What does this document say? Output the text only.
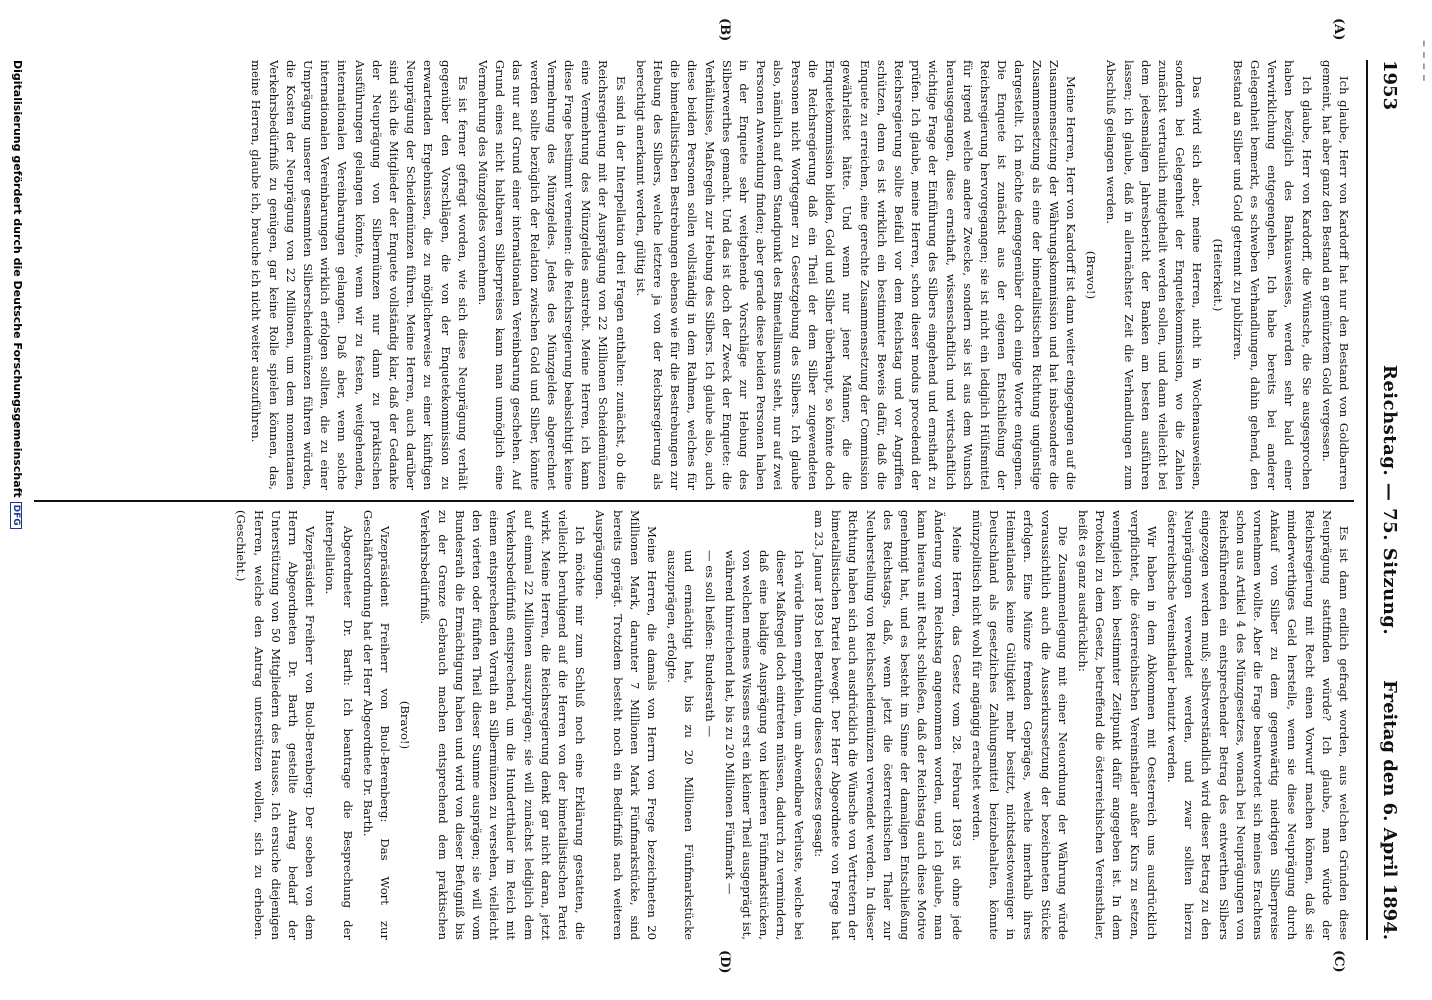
1953
Reichstag. — 75. Sitzung.
Freitag den 6. April 1894.
– – – –
(A)
(B)
(C)
(D)

Ich glaube, Herr von Kardorff hat nur den Bestand von Goldbarren gemeint, hat aber ganz den Bestand an gemünztem Gold vergessen.

Ich glaube, Herr von Kardorff, die Wünsche, die Sie ausgesprochen haben bezüglich des Bankausweises, werden sehr bald einer Verwirklichung entgegengehen. Ich habe bereits bei anderer Gelegenheit bemerkt, es schweben Verhandlungen, dahin gehend, den Bestand an Silber und Gold getrennt zu publiziren.

(Heiterkeit.)

Das wird sich aber, meine Herren, nicht in Wochenausweisen, sondern bei Gelegenheit der Enquetekommission, wo die Zahlen zunächst vertraulich mitgetheilt werden sollen, und dann vielleicht bei dem jedesmaligen Jahresbericht der Banken am besten ausführen lassen; ich glaube, daß in allernächster Zeit die Verhandlungen zum Abschluß gelangen werden.

(Bravo!)

Meine Herren, Herr von Kardorff ist dann weiter eingegangen auf die Zusammensetzung der Währungskommission und hat insbesondere die Zusammensetzung als eine der bimetallistischen Richtung ungünstige dargestellt. Ich möchte demgegenüber doch einige Worte entgegnen. Die Enquete ist zunächst aus der eigenen Entschließung der Reichsregierung hervorgegangen; sie ist nicht ein lediglich Hülfsmittel für irgend welche andere Zwecke, sondern sie ist aus dem Wunsch herausgegangen, diese ernsthaft, wissenschaftlich und wirtschaftlich wichtige Frage der Einführung des Silbers eingehend und ernsthaft zu prüfen. Ich glaube, meine Herren, schon dieser modus procedendi der Reichsregierung sollte Beifall vor dem Reichstag und vor Angriffen schützen, denn es ist wirklich ein bestimmter Beweis dafür, daß die Enquete zu erreichen, eine gerechte Zusammensetzung der Commission gewährleistet hätte. Und wenn nur jener Männer, die die Enquetekommission bilden, Gold und Silber überhaupt, so könnte doch die Reichsregierung daß ein Theil der dem Silber zugewendeten Personen nicht Wortgegner zu Gesetzgebung des Silbers. Ich glaube also, nämlich auf dem Standpunkt des Bimetallismus steht, nur auf zwei Personen Anwendung finden; aber gerade diese beiden Personen haben in der Enquete sehr weitgehende Vorschläge zur Hebung des Silberwerthes gemacht. Und das ist doch der Zweck der Enquete: die Verhältnisse, Maßregeln zur Hebung des Silbers. Ich glaube also, auch diese beiden Personen sollen vollständig in dem Rahmen, welches für die bimetallistischen Bestrebungen ebenso wie für die Bestrebungen zur Hebung des Silbers, welche letztere ja von der Reichsregierung als berechtigt anerkannt werden, gültig ist.

Es sind in der Interpellation drei Fragen enthalten: zunächst, ob die Reichsregierung mit der Ausprägung von 22 Millionen Scheidemünzen eine Vermehrung des Münzgeldes anstrebt. Meine Herren, ich kann diese Frage bestimmt verneinen: die Reichsregierung beabsichtigt keine Vermehrung des Münzgeldes. Jedes des Münzgeldes abgerechnet werden sollte bezüglich der Relation zwischen Gold und Silber, könnte das nur auf Grund einer internationalen Vereinbarung geschehen. Auf Grund eines nicht haltbaren Silberpreises kann man unmöglich eine Vermehrung des Münzgeldes vornehmen.

Es ist ferner gefragt worden, wie sich diese Neuprägung verhält gegenüber den Vorschlägen, die von der Enquetekommission zu erwartenden Ergebnissen, die zu möglicherweise zu einer künftigen Neuprägung der Scheidemünzen führen. Meine Herren, auch darüber sind sich die Mitglieder der Enquete vollständig klar, daß der Gedanke der Neuprägung von Silbermünzen nur dann zu praktischen Ausführungen gelangen könnte, wenn wir zu festen, weitgehenden, internationalen Vereinbarungen gelangen. Daß aber, wenn solche internationalen Vereinbarungen wirklich erfolgen sollten, die zu einer Umprägung unserer gesammten Silberscheidemünzen führen würden, die Kosten der Neuprägung von 22 Millionen, um dem momentanen Verkehrsbedürfniß zu genügen, gar keine Rolle spielen können, das, meine Herren, glaube ich, brauche ich nicht weiter auszuführen.

Es ist dann endlich gefragt worden, aus welchen Gründen diese Neuprägung stattfinden würde? Ich glaube, man würde der Reichsregierung mit Recht einen Vorwurf machen können, daß sie minderwerthiges Geld herstelle, wenn sie diese Neuprägung durch Ankauf von Silber zu dem gegenwärtig niedrigen Silberpreise vornehmen wollte. Aber die Frage beantwortet sich meines Erachtens schon aus Artikel 4 des Münzgesetzes, wonach bei Neuprägungen von Reichsführenden ein entsprechender Betrag des entwerthen Silbers eingezogen werden muß; selbstverständlich wird dieser Betrag zu den Neuprägungen verwendet werden, und zwar sollten hierzu österreichische Vereinsthaler benutzt werden.

Wir haben in dem Abkommen mit Oesterreich uns ausdrücklich verpflichtet, die österreichischen Vereinsthaler außer Kurs zu setzen, wenngleich kein bestimmter Zeitpunkt dafür angegeben ist. In dem Protokoll zu dem Gesetz, betreffend die österreichischen Vereinsthaler, heißt es ganz ausdrücklich:

Die Zusammenlegung mit einer Neuordnung der Währung würde voraussichtlich auch die Ausserkurssetzung der bezeichneten Stücke erfolgen. Eine Münze fremden Gepräges, welche innerhalb ihres Heimatlandes keine Gültigkeit mehr besitzt, nichtsdestoweniger in Deutschland als gesetzliches Zahlungsmittel beizubehalten, könnte münzpolitisch nicht wohl für angängig erachtet werden.

Meine Herren, das Gesetz vom 28. Februar 1893 ist ohne jede Änderung vom Reichstag angenommen worden, und ich glaube, man kann hieraus mit Recht schließen, daß der Reichstag auch diese Motive genehmigt hat, und es besteht im Sinne der damaligen Entschließung des Reichstags, daß, wenn jetzt die österreichischen Thaler zur Neuherstellung von Reichsscheidemünzen verwendet werden. In dieser Richtung haben sich auch ausdrücklich die Wünsche von Vertretern der bimetallistischen Partei bewegt. Der Herr Abgeordnete von Frege hat am 23. Januar 1893 bei Berathung dieses Gesetzes gesagt:

Ich würde Ihnen empfehlen, um abwendbare Verluste, welche bei dieser Maßregel doch eintreten müssen, dadurch zu vermindern, daß eine baldige Ausprägung von kleineren Fünfmarkstücken, von welchen meines Wissens erst ein kleiner Theil ausgeprägt ist, während hinreichend hat, bis zu 20 Millionen Fünfmark —

— es soll heißen: Bundesrath —

und ermächtigt hat, bis zu 20 Millionen Fünfmarkstücke auszuprägen, erfolgte.

Meine Herren, die damals von Herrn von Frege bezeichneten 20 Millionen Mark, darunter 7 Millionen Mark Fünfmarkstücke, sind bereits geprägt. Trotzdem besteht noch ein Bedürfniß nach weiteren Ausprägungen.

Ich möchte mir zum Schluß noch eine Erklärung gestatten, die vielleicht beruhigend auf die Herren von der bimetallistischen Partei wirkt. Meine Herren, die Reichsregierung denkt gar nicht daran, jetzt auf einmal 22 Millionen auszuprägen; sie will zunächst lediglich dem Verkehrsbedürfniß entsprechend, um die Hundertthaler im Reich mit einem entsprechenden Vorrath an Silbermünzen zu versehen, vielleicht den vierten oder fünften Theil dieser Summe ausprägen; sie will vom Bundesrath die Ermächtigung haben und wird von dieser Befugniß bis zu der Grenze Gebrauch machen entsprechend dem praktischen Verkehrsbedürfniß.

(Bravo!)

Vizepräsident Freiherr von Buol-Berenberg: Das Wort zur Geschäftsordnung hat der Herr Abgeordnete Dr. Barth.

Abgeordneter Dr. Barth: Ich beantrage die Besprechung der Interpellation.

Vizepräsident Freiherr von Buol-Berenberg: Der soeben von dem Herrn Abgeordneten Dr. Barth gestellte Antrag bedarf der Unterstützung von 50 Mitgliedern des Hauses. Ich ersuche diejenigen Herren, welche den Antrag unterstützen wollen, sich zu erheben. (Geschieht.)

Digitalisierung gefördert durch die Deutsche ForschungsgemeinschaftDFG
